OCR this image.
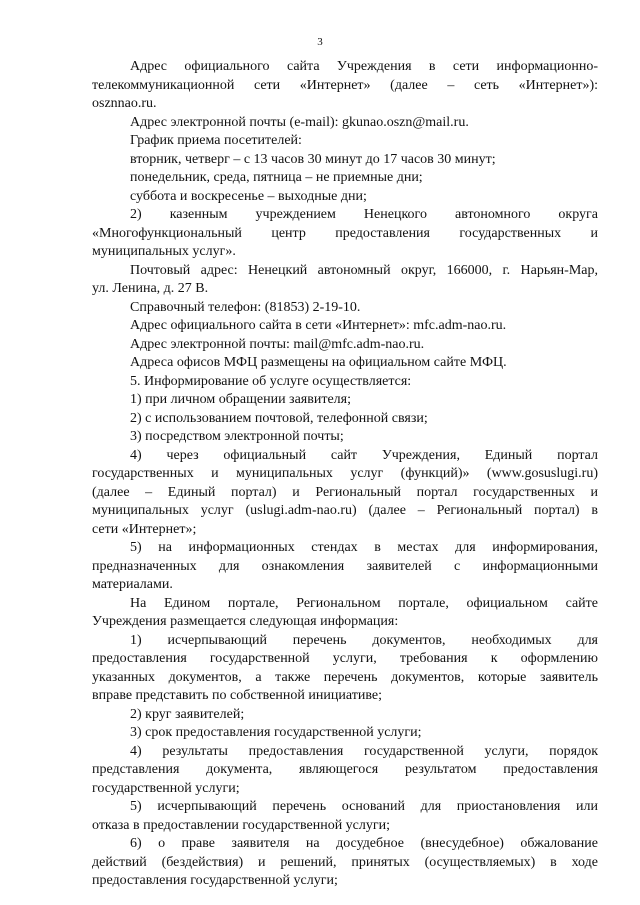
3
Адрес официального сайта Учреждения в сети информационно-
телекоммуникационной сети «Интернет» (далее – сеть «Интернет»):
osznnao.ru.
Адрес электронной почты (e-mail): gkunao.oszn@mail.ru.
График приема посетителей:
вторник, четверг – с 13 часов 30 минут до 17 часов 30 минут;
понедельник, среда, пятница – не приемные дни;
суббота и воскресенье – выходные дни;
2) казенным учреждением Ненецкого автономного округа
«Многофункциональный центр предоставления государственных и
муниципальных услуг».
Почтовый адрес: Ненецкий автономный округ, 166000, г. Нарьян-Мар,
ул. Ленина, д. 27 В.
Справочный телефон: (81853) 2-19-10.
Адрес официального сайта в сети «Интернет»: mfc.adm-nao.ru.
Адрес электронной почты: mail@mfc.adm-nao.ru.
Адреса офисов МФЦ размещены на официальном сайте МФЦ.
5. Информирование об услуге осуществляется:
1) при личном обращении заявителя;
2) с использованием почтовой, телефонной связи;
3) посредством электронной почты;
4) через официальный сайт Учреждения, Единый портал
государственных и муниципальных услуг (функций)» (www.gosuslugi.ru)
(далее – Единый портал) и Региональный портал государственных и
муниципальных услуг (uslugi.adm-nao.ru) (далее – Региональный портал) в
сети «Интернет»;
5) на информационных стендах в местах для информирования,
предназначенных для ознакомления заявителей с информационными
материалами.
На Едином портале, Региональном портале, официальном сайте
Учреждения размещается следующая информация:
1) исчерпывающий перечень документов, необходимых для
предоставления государственной услуги, требования к оформлению
указанных документов, а также перечень документов, которые заявитель
вправе представить по собственной инициативе;
2) круг заявителей;
3) срок предоставления государственной услуги;
4) результаты предоставления государственной услуги, порядок
представления документа, являющегося результатом предоставления
государственной услуги;
5) исчерпывающий перечень оснований для приостановления или
отказа в предоставлении государственной услуги;
6) о праве заявителя на досудебное (внесудебное) обжалование
действий (бездействия) и решений, принятых (осуществляемых) в ходе
предоставления государственной услуги;
